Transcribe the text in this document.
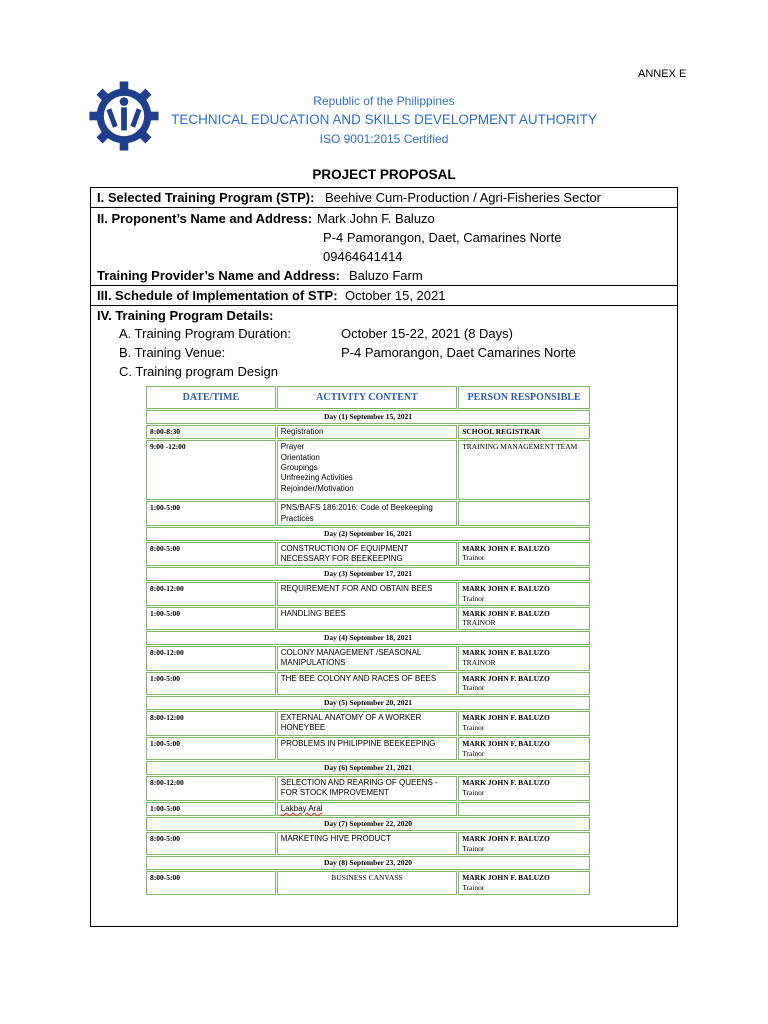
ANNEX E
Republic of the Philippines
TECHNICAL EDUCATION AND SKILLS DEVELOPMENT AUTHORITY
ISO 9001:2015 Certified
PROJECT PROPOSAL
I. Selected Training Program (STP): Beehive Cum-Production / Agri-Fisheries Sector
II. Proponent’s Name and Address: Mark John F. Baluzo
P-4 Pamorangon, Daet, Camarines Norte
09464641414
Training Provider’s Name and Address: Baluzo Farm
III. Schedule of Implementation of STP: October 15, 2021
IV. Training Program Details:
A. Training Program Duration:	October 15-22, 2021 (8 Days)
B. Training Venue:	P-4 Pamorangon, Daet Camarines Norte
C. Training program Design
DATE/TIME	ACTIVITY CONTENT	PERSON RESPONSIBLE
Day (1) September 15, 2021		
8:00-8:30	Registration	SCHOOL REGISTRAR
9:00 -12:00	Prayer
Orientation
Groupings
Unfreezing Activities
Rejoinder/Motivation	TRAINING MANAGEMENT TEAM
1:00-5:00	PNS/BAFS 186:2016: Code of Beekeeping Practices	
Day (2) September 16, 2021		
8:00-5:00	CONSTRUCTION OF EQUIPMENT NECESSARY FOR BEEKEEPING	MARK JOHN F. BALUZO
Trainor

Day (3) September 17, 2021		
8:00-12:00	REQUIREMENT FOR AND OBTAIN BEES	MARK JOHN F. BALUZO
Trainor

1:00-5:00	HANDLING BEES	MARK JOHN F. BALUZO
TRAINOR

Day (4) September 18, 2021		
8:00-12:00	COLONY MANAGEMENT /SEASONAL MANIPULATIONS	MARK JOHN F. BALUZO
TRAINOR

1:00-5:00	THE BEE COLONY AND RACES OF BEES	MARK JOHN F. BALUZO
Trainor

Day (5) September 20, 2021		
8:00-12:00	EXTERNAL ANATOMY OF A WORKER HONEYBEE	MARK JOHN F. BALUZO
Trainor

1:00-5:00	PROBLEMS IN PHILIPPINE BEEKEEPING	MARK JOHN F. BALUZO
Trainor

Day (6) September 21, 2021		
8:00-12:00	SELECTION AND REARING OF QUEENS - FOR STOCK IMPROVEMENT	MARK JOHN F. BALUZO
Trainor

1:00-5:00	Lakbay Aral	
Day (7) September 22, 2020		
8:00-5:00	MARKETING HIVE PRODUCT	MARK JOHN F. BALUZO
Trainor

Day (8) September 23, 2020		
8:00-5:00	BUSINESS CANVASS	MARK JOHN F. BALUZO
Trainor
